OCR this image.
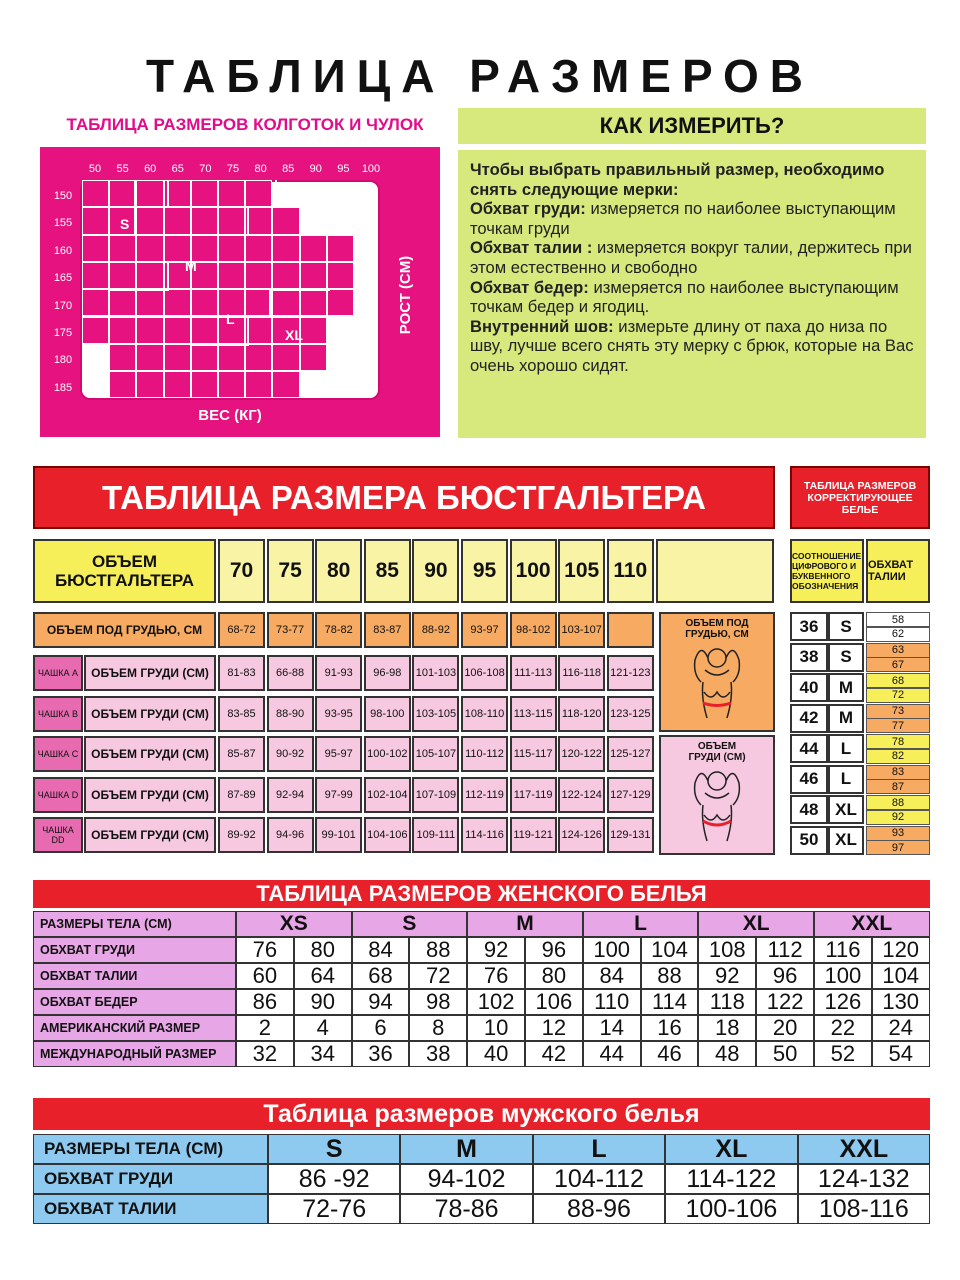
ТАБЛИЦА РАЗМЕРОВ
ТАБЛИЦА РАЗМЕРОВ КОЛГОТОК И ЧУЛОК
50	55	60	65	70	75	80	85	90	95	100
150
155
160
165
170
175
180
185
S
M
L
XL
ВЕС (КГ)
РОСТ (СМ)
КАК ИЗМЕРИТЬ?

Чтобы выбрать правильный размер, необходимо снять следующие мерки:

Обхват груди: измеряется по наиболее выступающим точкам груди

Обхват талии : измеряется вокруг талии, держитесь при этом естественно и свободно

Обхват бедер: измеряется по наиболее выступающим точкам бедер и ягодиц.

Внутренний шов: измерьте длину от паха до низа по шву, лучше всего снять эту мерку с брюк, которые на Вас очень хорошо сидят.

ТАБЛИЦА РАЗМЕРА БЮСТГАЛЬТЕРА	ТАБЛИЦА РАЗМЕРОВ КОРРЕКТИРУЮЩЕЕ БЕЛЬЕ
ОБЪЕМ БЮСТГАЛЬТЕРА	70	75	80	85	90	95 100 105 110
ОБЪЕМ ПОД ГРУДЬЮ, СМ	68-72	73-77	78-82	83-87	88-92	93-97	98-102	103-107
ЧАШКА А	ОБЪЕМ ГРУДИ (СМ)	81-83	66-88	91-93	96-98	101-103 106-108 111-113 116-118 121-123
ЧАШКА В	ОБЪЕМ ГРУДИ (СМ)	83-85	88-90	93-95	98-100	103-105 108-110 113-115 118-120 123-125
ЧАШКА С	ОБЪЕМ ГРУДИ (СМ)	85-87	90-92	95-97	100-102 105-107 110-112 115-117 120-122 125-127
ЧАШКА D	ОБЪЕМ ГРУДИ (СМ)	87-89	92-94	97-99	102-104 107-109 112-119 117-119 122-124 127-129
ЧАШКА DD	ОБЪЕМ ГРУДИ (СМ)	89-92	94-96	99-101	104-106 109-111 114-116 119-121 124-126 129-131
ОБЪЕМ ПОД ГРУДЬЮ, СМ
ОБЪЕМ ГРУДИ (СМ)
СООТНОШЕНИЕ ЦИФРОВОГО И БУКВЕННОГО ОБОЗНАЧЕНИЯ
ОБХВАТ ТАЛИИ
36	S	58
62
38	S	63
67
40	M	68
72
42	M	73
77
44	L	78
82
46	L	83
87
48 XL	88
92
50 XL	93
97
ТАБЛИЦА РАЗМЕРОВ ЖЕНСКОГО БЕЛЬЯ
РАЗМЕРЫ ТЕЛА (СМ)	XS	S	M	L	XL	XXL
ОБХВАТ ГРУДИ	76	80	84	88	92	96	100 104 108 112	116 120
ОБХВАТ ТАЛИИ	60	64	68	72	76	80	84	88	92	96	100 104
ОБХВАТ БЕДЕР	86	90	94	98	102 106 110	114	118 122 126 130
АМЕРИКАНСКИЙ РАЗМЕР	2	4	6	8	10	12	14	16	18	20	22	24
МЕЖДУНАРОДНЫЙ РАЗМЕР	32	34	36	38	40	42	44	46	48	50	52	54
Таблица размеров мужского белья
РАЗМЕРЫ ТЕЛА (СМ)	S	M	L	XL	XXL
ОБХВАТ ГРУДИ	86 -92	94-102	104-112	114-122	124-132
ОБХВАТ ТАЛИИ	72-76	78-86	88-96	100-106	108-116
